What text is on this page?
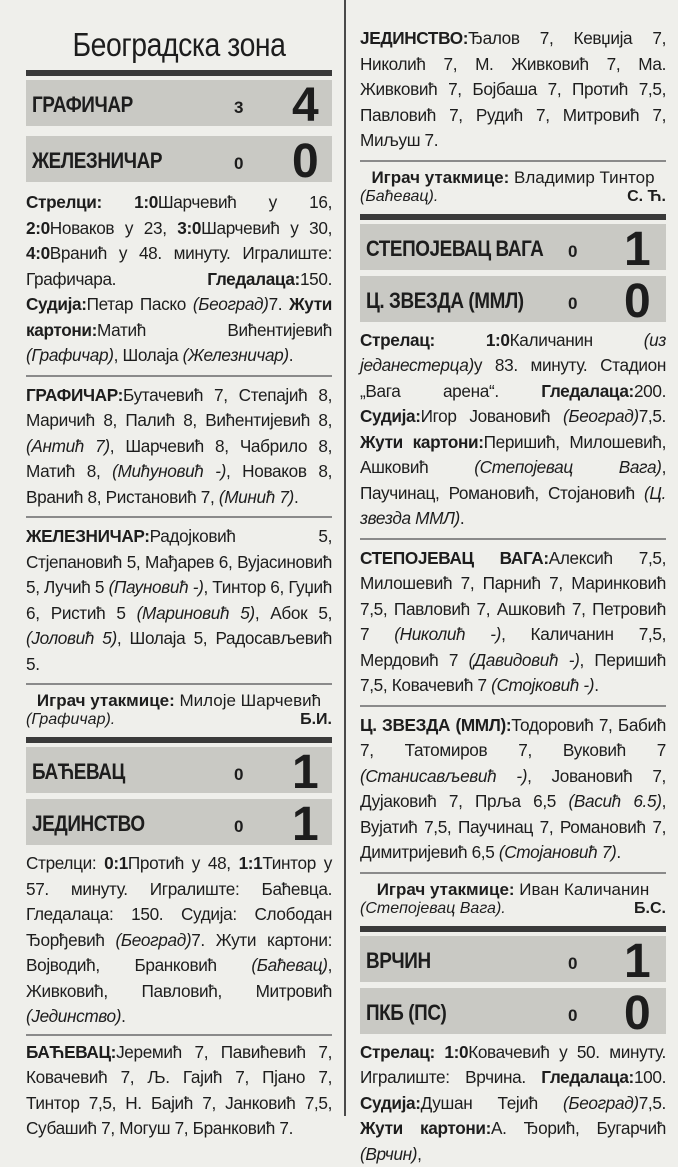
Београдска зона
ГРАФИЧАР	3 4
ЖЕЛЕЗНИЧАР	0 0

Стрелци: 1:0Шарчевић у 16, 2:0Новаков у 23, 3:0Шарчевић у 30, 4:0Вранић у 48. минуту. Игралиште: Графичара. Гледалаца:150. Судија:Петар Паско (Београд)7. Жути картони:Матић Вићентијевић (Графичар), Шолаја (Железничар).

ГРАФИЧАР:Бутачевић 7, Степајић 8, Маричић 8, Палић 8, Вићентијевић 8, (Антић 7), Шарчевић 8, Чабрило 8, Матић 8, (Мићуновић -), Новаков 8, Вранић 8, Ристановић 7, (Минић 7).

ЖЕЛЕЗНИЧАР:Радојковић 5, Стјепановић 5, Мађарев 6, Вујасиновић 5, Лучић 5 (Пауновић -), Тинтор 6, Гуџић 6, Ристић 5 (Мариновић 5), Абок 5, (Јоловић 5), Шолаја 5, Радосављевић 5.

Играч утакмице: Милоје Шарчевић
(Графичар).	Б.И.
БАЋЕВАЦ	0 1
ЈЕДИНСТВО	0 1

Стрелци: 0:1Протић у 48, 1:1Тинтор у 57. минуту. Игралиште: Баћевца. Гледалаца: 150. Судија: Слободан Ђорђевић (Београд)7. Жути картони: Војводић, Бранковић (Баћевац), Живковић, Павловић, Митровић (Јединство).

БАЋЕВАЦ:Јеремић 7, Павићевић 7, Ковачевић 7, Љ. Гајић 7, Пјано 7, Тинтор 7,5, Н. Бајић 7, Јанковић 7,5, Субашић 7, Могуш 7, Бранковић 7.

ЈЕДИНСТВО:Ђалов 7, Кевџија 7, Николић 7, М. Живковић 7, Ма. Живковић 7, Бојбаша 7, Протић 7,5, Павловић 7, Рудић 7, Митровић 7, Миљуш 7.

Играч утакмице: Владимир Тинтор
(Баћевац).	С. Ћ.
СТЕПОЈЕВАЦ ВАГА 0 1
Ц. ЗВЕЗДА (ММЛ)	0 0

Стрелац: 1:0Каличанин (из једанестерца)у 83. минуту. Стадион „Вага арена“. Гледалаца:200. Судија:Игор Јовановић (Београд)7,5. Жути картони:Перишић, Милошевић, Ашковић (Степојевац Вага), Паучинац, Романовић, Стојановић (Ц. звезда ММЛ).

СТЕПОЈЕВАЦ ВАГА:Алексић 7,5, Милошевић 7, Парнић 7, Маринковић 7,5, Павловић 7, Ашковић 7, Петровић 7 (Николић -), Каличанин 7,5, Мердовић 7 (Давидовић -), Перишић 7,5, Ковачевић 7 (Стојковић -).

Ц. ЗВЕЗДА (ММЛ):Тодоровић 7, Бабић 7, Татомиров 7, Вуковић 7 (Станисављевић -), Јовановић 7, Дујаковић 7, Прља 6,5 (Васић 6.5), Вујатић 7,5, Паучинац 7, Романовић 7, Димитријевић 6,5 (Стојановић 7).

Играч утакмице: Иван Каличанин
(Степојевац Вага).	Б.С.
ВРЧИН	0 1
ПКБ (ПС)	0 0

Стрелац: 1:0Ковачевић у 50. минуту. Игралиште: Врчина. Гледалаца:100. Судија:Душан Тејић (Београд)7,5. Жути картони:А. Ђорић, Бугарчић (Врчин),
